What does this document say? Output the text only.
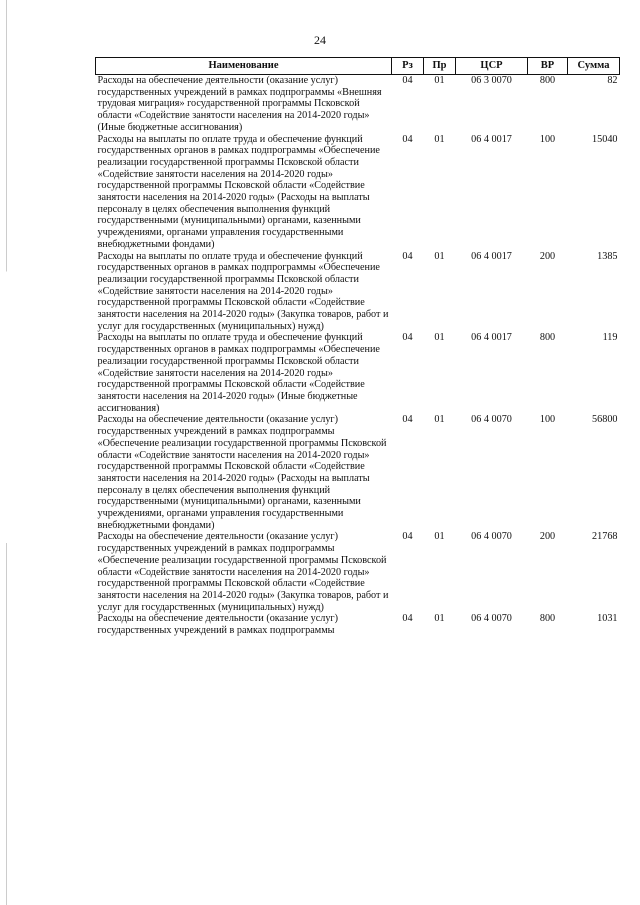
24
Наименование	Рз	Пр	ЦСР	ВР	Сумма
Расходы на обеспечение деятельности (оказание услуг) государственных учреждений в рамках подпрограммы «Внешняя трудовая миграция» государственной программы Псковской области «Содействие занятости населения на 2014-2020 годы» (Иные бюджетные ассигнования)	04	01	06 3 0070	800	82
Расходы на выплаты по оплате труда и обеспечение функций государственных органов в рамках подпрограммы «Обеспечение реализации государственной программы Псковской области «Содействие занятости населения на 2014-2020 годы» государственной программы Псковской области «Содействие занятости населения на 2014-2020 годы» (Расходы на выплаты персоналу в целях обеспечения выполнения функций государственными (муниципальными) органами, казенными учреждениями, органами управления государственными внебюджетными фондами)	04	01	06 4 0017	100	15040
Расходы на выплаты по оплате труда и обеспечение функций государственных органов в рамках подпрограммы «Обеспечение реализации государственной программы Псковской области «Содействие занятости населения на 2014-2020 годы» государственной программы Псковской области «Содействие занятости населения на 2014-2020 годы» (Закупка товаров, работ и услуг для государственных (муниципальных) нужд)	04	01	06 4 0017	200	1385
Расходы на выплаты по оплате труда и обеспечение функций государственных органов в рамках подпрограммы «Обеспечение реализации государственной программы Псковской области «Содействие занятости населения на 2014-2020 годы» государственной программы Псковской области «Содействие занятости населения на 2014-2020 годы» (Иные бюджетные ассигнования)	04	01	06 4 0017	800	119
Расходы на обеспечение деятельности (оказание услуг) государственных учреждений в рамках подпрограммы «Обеспечение реализации государственной программы Псковской области «Содействие занятости населения на 2014-2020 годы» государственной программы Псковской области «Содействие занятости населения на 2014-2020 годы» (Расходы на выплаты персоналу в целях обеспечения выполнения функций государственными (муниципальными) органами, казенными учреждениями, органами управления государственными внебюджетными фондами)	04	01	06 4 0070	100	56800
Расходы на обеспечение деятельности (оказание услуг) государственных учреждений в рамках подпрограммы «Обеспечение реализации государственной программы Псковской области «Содействие занятости населения на 2014-2020 годы» государственной программы Псковской области «Содействие занятости населения на 2014-2020 годы» (Закупка товаров, работ и услуг для государственных (муниципальных) нужд)	04	01	06 4 0070	200	21768
Расходы на обеспечение деятельности (оказание услуг) государственных учреждений в рамках подпрограммы	04	01	06 4 0070	800	1031
